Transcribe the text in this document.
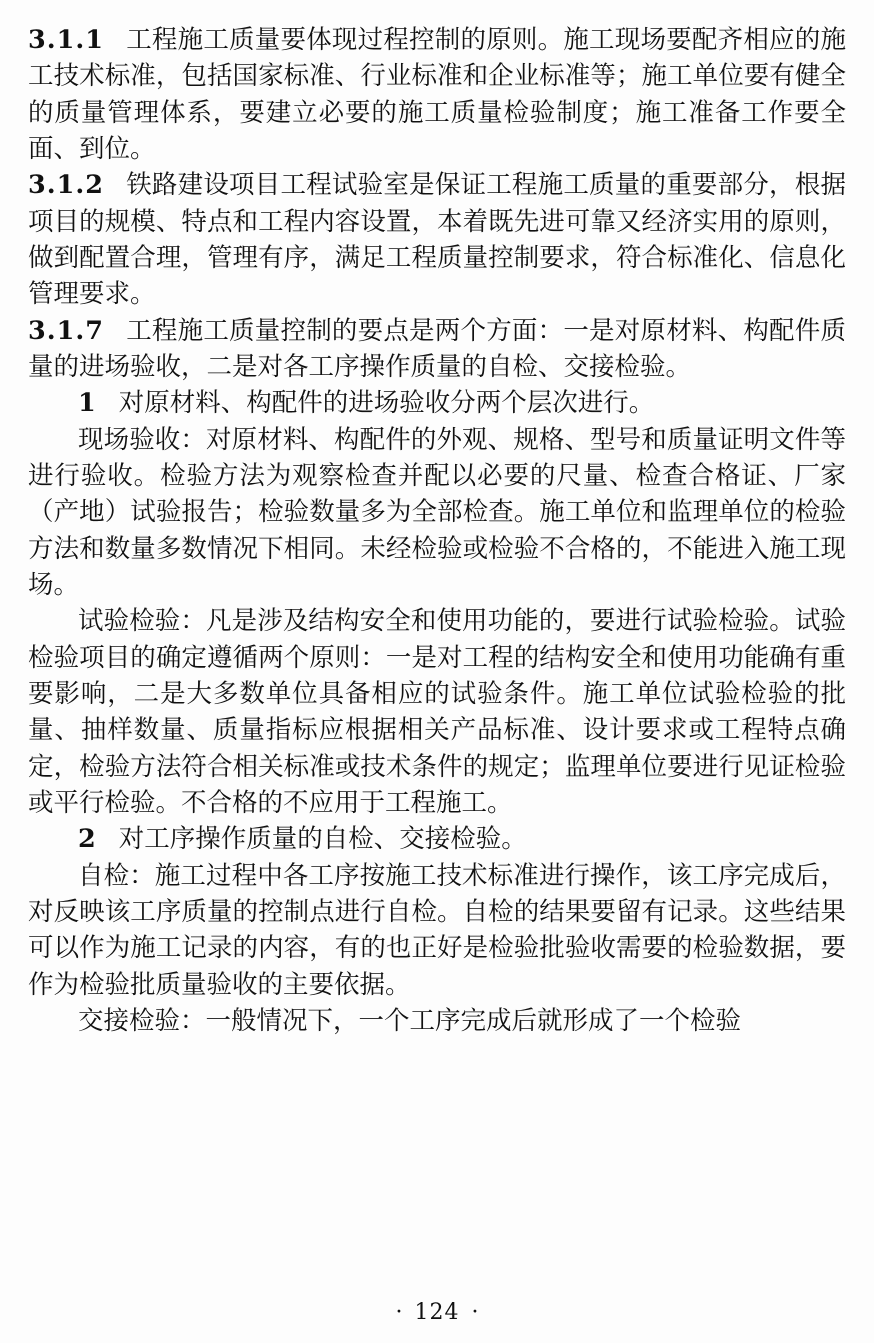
3.1.1 工程施工质量要体现过程控制的原则。施工现场要配齐相应的施工技术标准，包括国家标准、行业标准和企业标准等；施工单位要有健全的质量管理体系，要建立必要的施工质量检验制度；施工准备工作要全面、到位。

3.1.2 铁路建设项目工程试验室是保证工程施工质量的重要部分，根据项目的规模、特点和工程内容设置，本着既先进可靠又经济实用的原则，做到配置合理，管理有序，满足工程质量控制要求，符合标准化、信息化管理要求。

3.1.7 工程施工质量控制的要点是两个方面：一是对原材料、构配件质量的进场验收，二是对各工序操作质量的自检、交接检验。

1 对原材料、构配件的进场验收分两个层次进行。

现场验收：对原材料、构配件的外观、规格、型号和质量证明文件等进行验收。检验方法为观察检查并配以必要的尺量、检查合格证、厂家（产地）试验报告；检验数量多为全部检查。施工单位和监理单位的检验方法和数量多数情况下相同。未经检验或检验不合格的，不能进入施工现场。

试验检验：凡是涉及结构安全和使用功能的，要进行试验检验。试验检验项目的确定遵循两个原则：一是对工程的结构安全和使用功能确有重要影响，二是大多数单位具备相应的试验条件。施工单位试验检验的批量、抽样数量、质量指标应根据相关产品标准、设计要求或工程特点确定，检验方法符合相关标准或技术条件的规定；监理单位要进行见证检验或平行检验。不合格的不应用于工程施工。

2 对工序操作质量的自检、交接检验。

自检：施工过程中各工序按施工技术标准进行操作，该工序完成后，对反映该工序质量的控制点进行自检。自检的结果要留有记录。这些结果可以作为施工记录的内容，有的也正好是检验批验收需要的检验数据，要作为检验批质量验收的主要依据。

交接检验：一般情况下，一个工序完成后就形成了一个检验

· 124 ·
